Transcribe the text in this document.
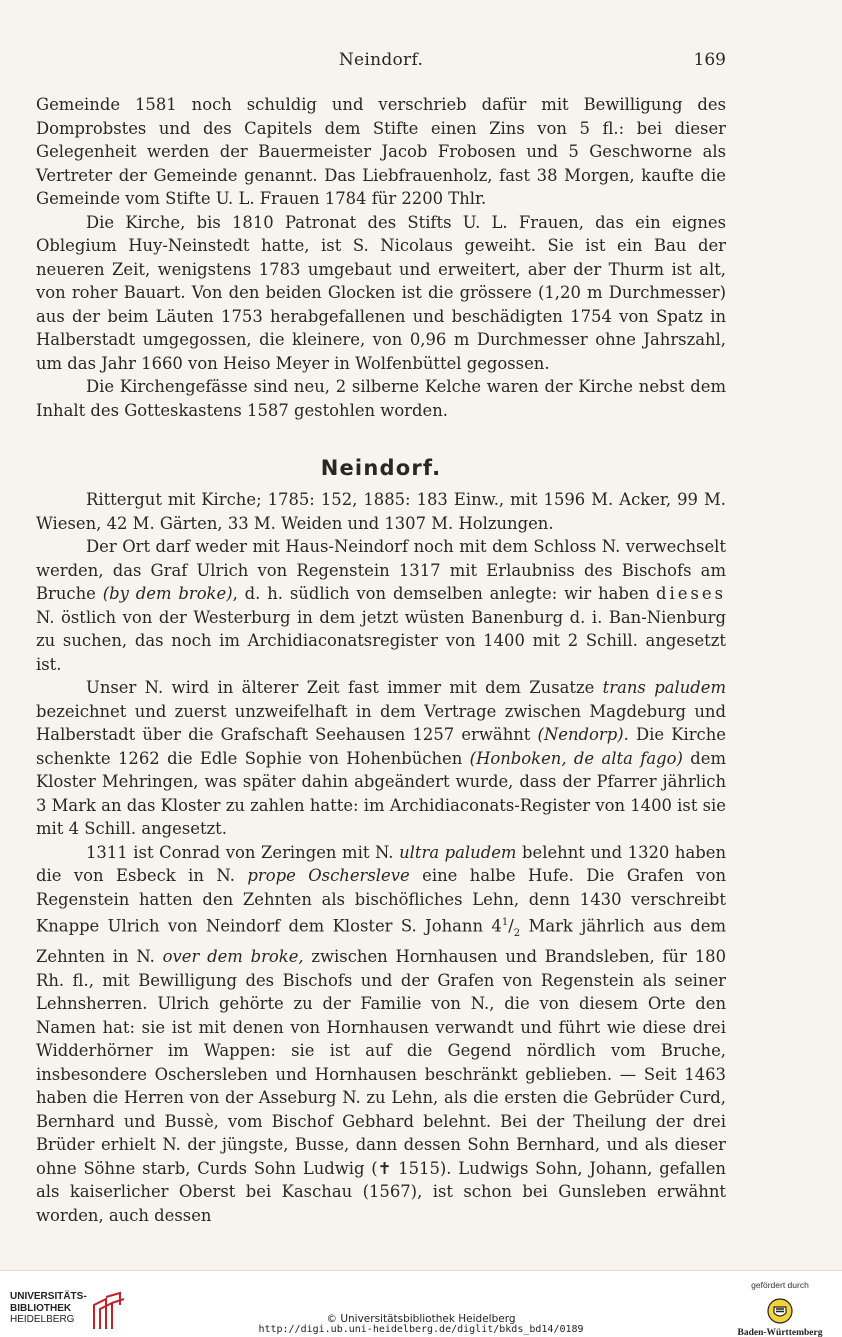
Neindorf.	169

Gemeinde 1581 noch schuldig und verschrieb dafür mit Bewilligung des Domprobstes und des Capitels dem Stifte einen Zins von 5 fl.: bei dieser Gelegenheit werden der Bauermeister Jacob Frobosen und 5 Geschworne als Vertreter der Gemeinde genannt. Das Liebfrauenholz, fast 38 Morgen, kaufte die Gemeinde vom Stifte U. L. Frauen 1784 für 2200 Thlr.

Die Kirche, bis 1810 Patronat des Stifts U. L. Frauen, das ein eignes Oblegium Huy-Neinstedt hatte, ist S. Nicolaus geweiht. Sie ist ein Bau der neueren Zeit, wenigstens 1783 umgebaut und erweitert, aber der Thurm ist alt, von roher Bauart. Von den beiden Glocken ist die grössere (1,20 m Durchmesser) aus der beim Läuten 1753 herabgefallenen und beschädigten 1754 von Spatz in Halberstadt umgegossen, die kleinere, von 0,96 m Durchmesser ohne Jahrszahl, um das Jahr 1660 von Heiso Meyer in Wolfenbüttel gegossen.

Die Kirchengefässe sind neu, 2 silberne Kelche waren der Kirche nebst dem Inhalt des Gotteskastens 1587 gestohlen worden.

Neindorf.

Rittergut mit Kirche; 1785: 152, 1885: 183 Einw., mit 1596 M. Acker, 99 M. Wiesen, 42 M. Gärten, 33 M. Weiden und 1307 M. Holzungen.

Der Ort darf weder mit Haus-Neindorf noch mit dem Schloss N. verwechselt werden, das Graf Ulrich von Regenstein 1317 mit Erlaubniss des Bischofs am Bruche (by dem broke), d. h. südlich von demselben anlegte: wir haben dieses N. östlich von der Westerburg in dem jetzt wüsten Banenburg d. i. Ban-Nienburg zu suchen, das noch im Archidiaconatsregister von 1400 mit 2 Schill. angesetzt ist.

Unser N. wird in älterer Zeit fast immer mit dem Zusatze trans paludem bezeichnet und zuerst unzweifelhaft in dem Vertrage zwischen Magdeburg und Halberstadt über die Grafschaft Seehausen 1257 erwähnt (Nendorp). Die Kirche schenkte 1262 die Edle Sophie von Hohenbüchen (Honboken, de alta fago) dem Kloster Mehringen, was später dahin abgeändert wurde, dass der Pfarrer jährlich 3 Mark an das Kloster zu zahlen hatte: im Archidiaconats-Register von 1400 ist sie mit 4 Schill. angesetzt.

1311 ist Conrad von Zeringen mit N. ultra paludem belehnt und 1320 haben die von Esbeck in N. prope Oschersleve eine halbe Hufe. Die Grafen von Regenstein hatten den Zehnten als bischöfliches Lehn, denn 1430 verschreibt Knappe Ulrich von Neindorf dem Kloster S. Johann $4^1/_2$ Mark jährlich aus dem Zehnten in N. over dem broke, zwischen Hornhausen und Brandsleben, für 180 Rh. fl., mit Bewilligung des Bischofs und der Grafen von Regenstein als seiner Lehnsherren. Ulrich gehörte zu der Familie von N., die von diesem Orte den Namen hat: sie ist mit denen von Hornhausen verwandt und führt wie diese drei Widderhörner im Wappen: sie ist auf die Gegend nördlich vom Bruche, insbesondere Oschersleben und Hornhausen beschränkt geblieben. — Seit 1463 haben die Herren von der Asseburg N. zu Lehn, als die ersten die Gebrüder Curd, Bernhard und Bussè, vom Bischof Gebhard belehnt. Bei der Theilung der drei Brüder erhielt N. der jüngste, Busse, dann dessen Sohn Bernhard, und als dieser ohne Söhne starb, Curds Sohn Ludwig (✝ 1515). Ludwigs Sohn, Johann, gefallen als kaiserlicher Oberst bei Kaschau (1567), ist schon bei Gunsleben erwähnt worden, auch dessen

UNIVERSITÄTS-
BIBLIOTHEK
HEIDELBERG	© Universitätsbibliothek Heidelberg
http://digi.ub.uni-heidelberg.de/diglit/bkds_bd14/0189
gefördert durch
Baden-Württemberg
